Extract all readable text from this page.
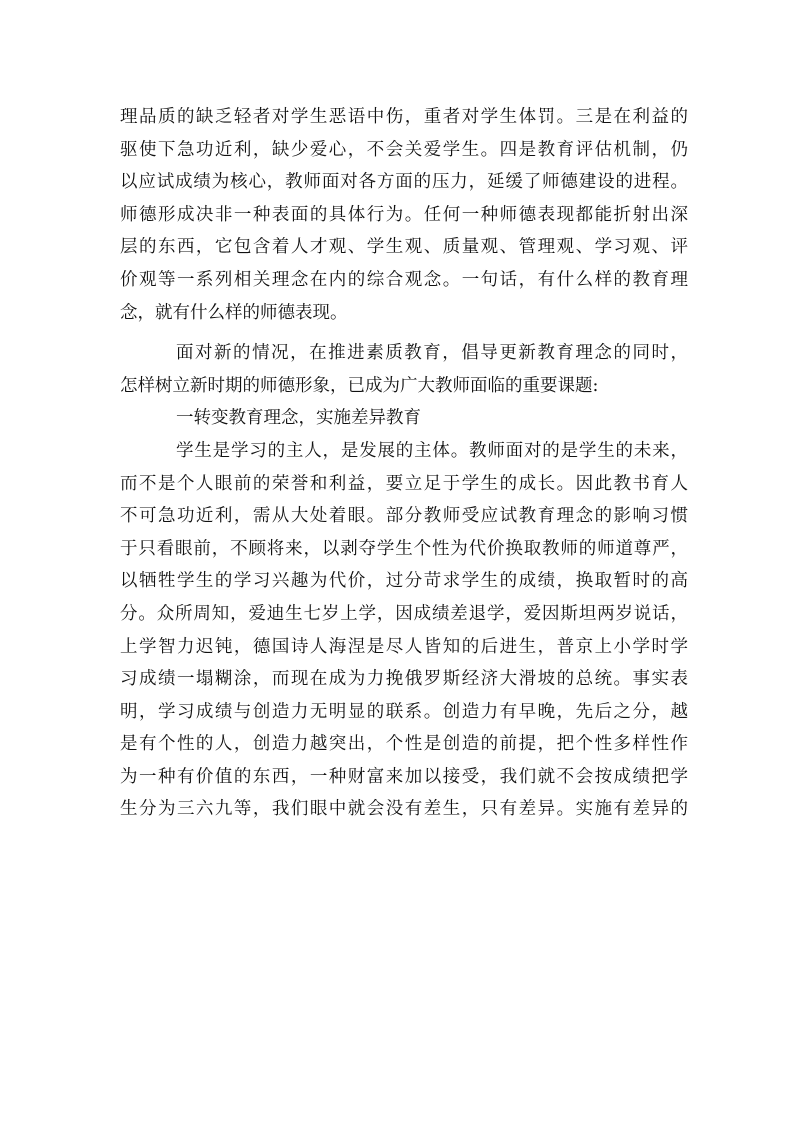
理品质的缺乏轻者对学生恶语中伤，重者对学生体罚。三是在利益的
驱使下急功近利，缺少爱心，不会关爱学生。四是教育评估机制，仍
以应试成绩为核心，教师面对各方面的压力，延缓了师德建设的进程。
师德形成决非一种表面的具体行为。任何一种师德表现都能折射出深
层的东西，它包含着人才观、学生观、质量观、管理观、学习观、评
价观等一系列相关理念在内的综合观念。一句话，有什么样的教育理
念，就有什么样的师德表现。
面对新的情况，在推进素质教育，倡导更新教育理念的同时，
怎样树立新时期的师德形象，已成为广大教师面临的重要课题:
一转变教育理念，实施差异教育
学生是学习的主人，是发展的主体。教师面对的是学生的未来，
而不是个人眼前的荣誉和利益，要立足于学生的成长。因此教书育人
不可急功近利，需从大处着眼。部分教师受应试教育理念的影响习惯
于只看眼前，不顾将来，以剥夺学生个性为代价换取教师的师道尊严，
以牺牲学生的学习兴趣为代价，过分苛求学生的成绩，换取暂时的高
分。众所周知，爱迪生七岁上学，因成绩差退学，爱因斯坦两岁说话，
上学智力迟钝，德国诗人海涅是尽人皆知的后进生，普京上小学时学
习成绩一塌糊涂，而现在成为力挽俄罗斯经济大滑坡的总统。事实表
明，学习成绩与创造力无明显的联系。创造力有早晚，先后之分，越
是有个性的人，创造力越突出，个性是创造的前提，把个性多样性作
为一种有价值的东西，一种财富来加以接受，我们就不会按成绩把学
生分为三六九等，我们眼中就会没有差生，只有差异。实施有差异的
